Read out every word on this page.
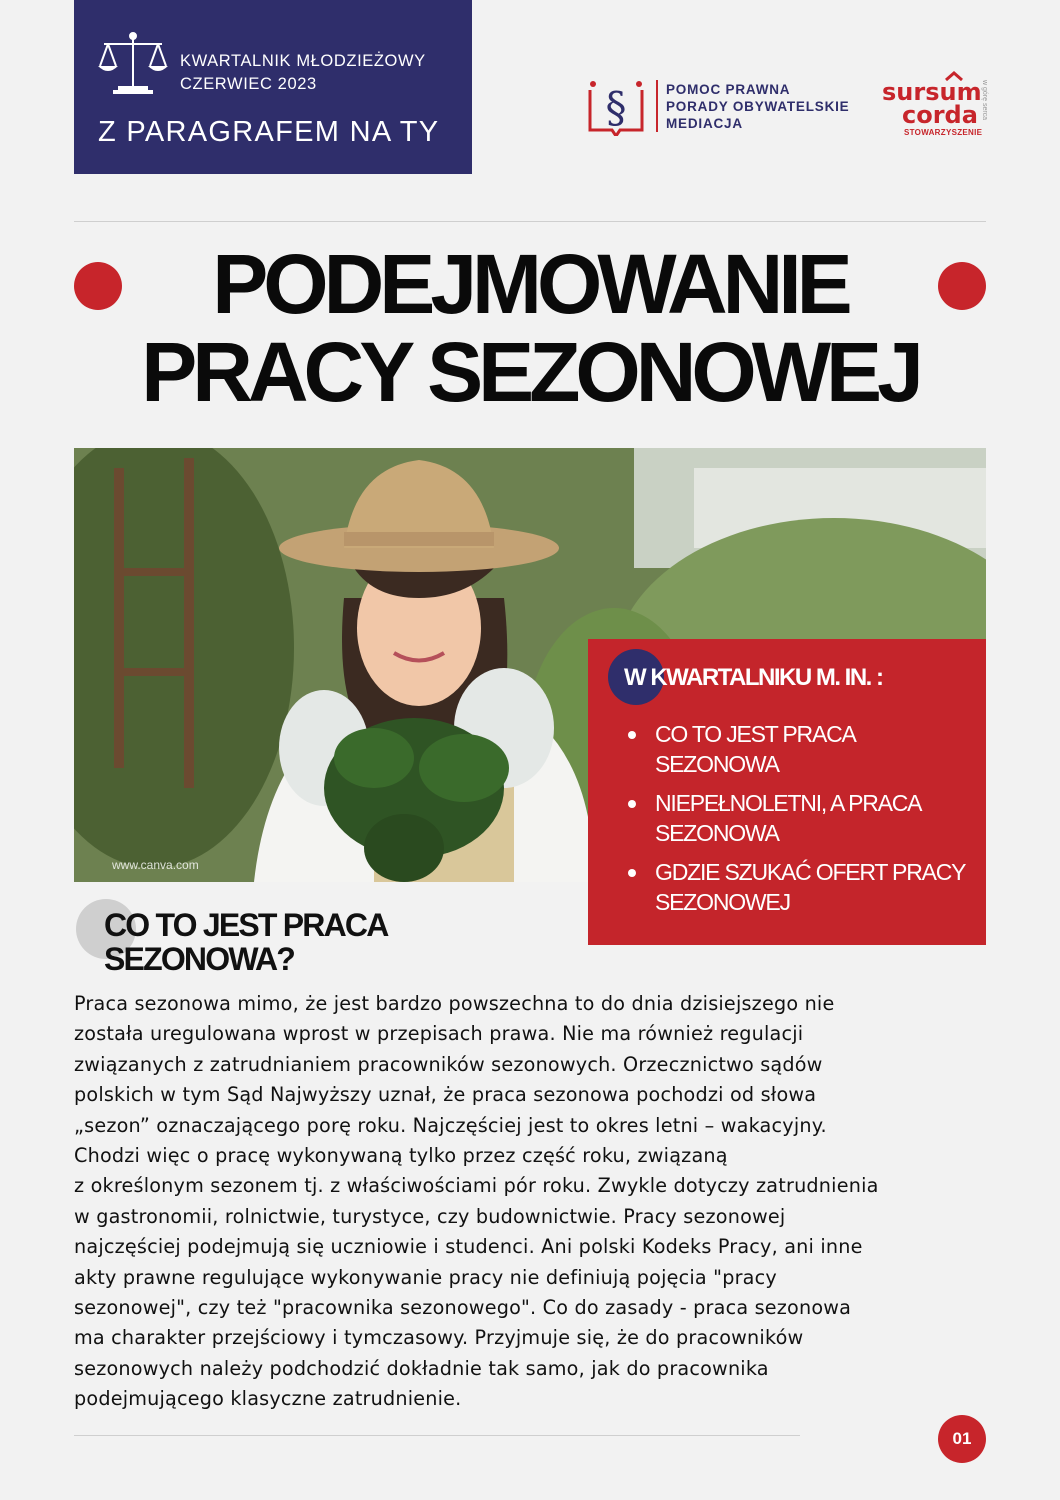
KWARTALNIK MŁODZIEŻOWY
CZERWIEC 2023
Z PARAGRAFEM NA TY	§	POMOC PRAWNA
PORADY OBYWATELSKIE
MEDIACJA
sursum
corda
STOWARZYSZENIE
w górę serca
PODEJMOWANIE
PRACY SEZONOWEJ
www.canva.com
W KWARTALNIKU M. IN. :
CO TO JEST PRACA SEZONOWA
NIEPEŁNOLETNI, A PRACA SEZONOWA
GDZIE SZUKAĆ OFERT PRACY SEZONOWEJ
CO TO JEST PRACA SEZONOWA?
Praca sezonowa mimo, że jest bardzo powszechna to do dnia dzisiejszego nie
została uregulowana wprost w przepisach prawa. Nie ma również regulacji
związanych z zatrudnianiem pracowników sezonowych. Orzecznictwo sądów
polskich w tym Sąd Najwyższy uznał, że praca sezonowa pochodzi od słowa
„sezon” oznaczającego porę roku. Najczęściej jest to okres letni – wakacyjny.
Chodzi więc o pracę wykonywaną tylko przez część roku, związaną
z określonym sezonem tj. z właściwościami pór roku. Zwykle dotyczy zatrudnienia
w gastronomii, rolnictwie, turystyce, czy budownictwie. Pracy sezonowej
najczęściej podejmują się uczniowie i studenci. Ani polski Kodeks Pracy, ani inne
akty prawne regulujące wykonywanie pracy nie definiują pojęcia "pracy
sezonowej", czy też "pracownika sezonowego". Co do zasady - praca sezonowa
ma charakter przejściowy i tymczasowy. Przyjmuje się, że do pracowników
sezonowych należy podchodzić dokładnie tak samo, jak do pracownika
podejmującego klasyczne zatrudnienie.
01
